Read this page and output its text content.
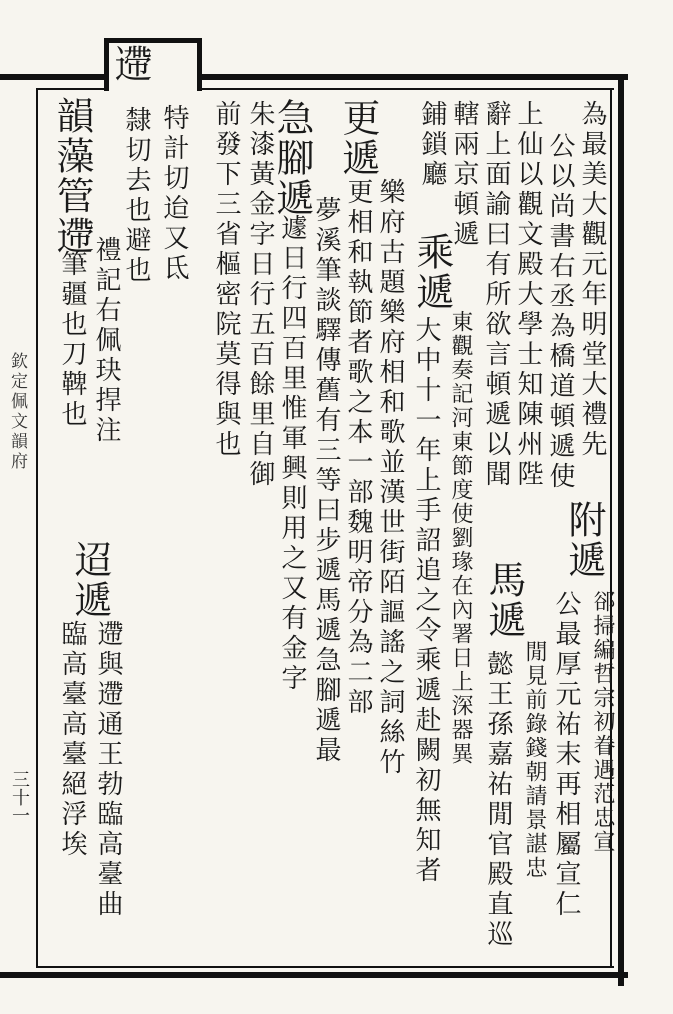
欽定佩文韻府
三十一
為最美大觀元年明堂大禮先
公以尚書右丞為橋道頓遞使
上仙以觀文殿大學士知陳州陛
辭上面諭曰有所欲言頓遞以聞
轄兩京頓遞
鋪鎖廳
附遞
郤掃編哲宗初眷遇范忠宣
公最厚元祐末再相屬宣仁
馬遞
閒見前錄錢朝請景諶忠
懿王孫嘉祐閒官殿直巡
乘遞
東觀奏記河東節度使劉瑑在內署日上深器異
大中十一年上手詔追之令乘遞赴闕初無知者
更遞
更相和執節者歌之本一部魏明帝分為二部 樂府古題樂府相和歌並漢世街陌謳謠之詞絲竹
急腳遞
夢溪筆談驛傳舊有三等曰步遞馬遞急腳遞最
遽日行四百里惟軍興則用之又有金字
朱漆黃金字日行五百餘里自御
前發下三省樞密院莫得與也
遰
隸切去也避也 特計切迨又氐
韻藻管遰
禮記右佩玦捍注
筆疆也刀鞞也
迢遞
遰與遰通王勃臨高臺曲
臨高臺高臺絕浮埃
